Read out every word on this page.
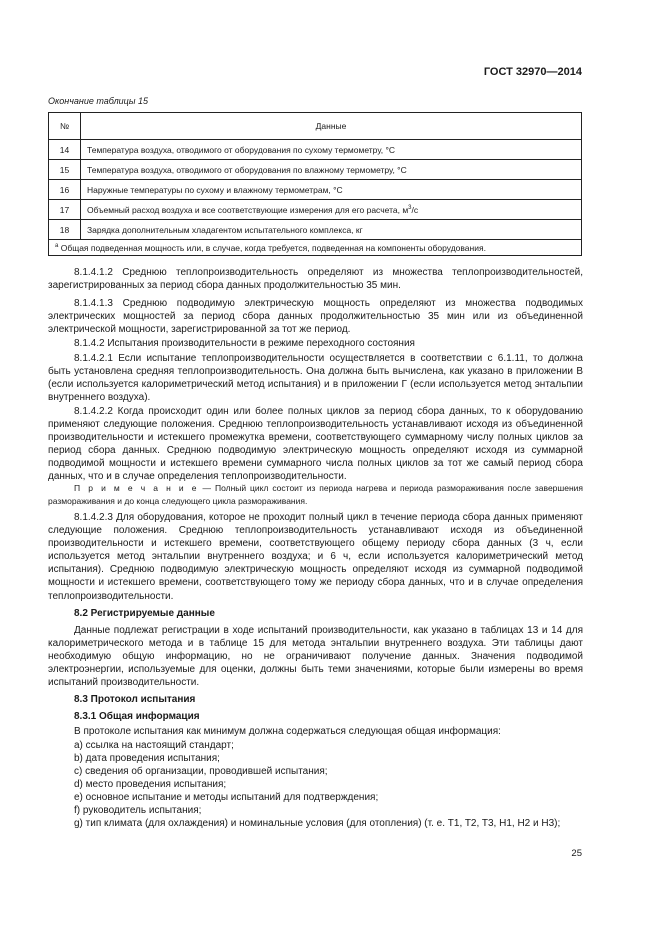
ГОСТ 32970—2014
Окончание таблицы 15
№	Данные
14	Температура воздуха, отводимого от оборудования по сухому термометру, °С
15	Температура воздуха, отводимого от оборудования по влажному термометру, °С
16	Наружные температуры по сухому и влажному термометрам, °С
17	Объемный расход воздуха и все соответствующие измерения для его расчета, $м^3/с$
18	Зарядка дополнительным хладагентом испытательного комплекса, кг
$^а$ Общая подведенная мощность или, в случае, когда требуется, подведенная на компоненты оборудования.	

8.1.4.1.2 Среднюю теплопроизводительность определяют из множества теплопроизводительностей, зарегистрированных за период сбора данных продолжительностью 35 мин.

8.1.4.1.3 Среднюю подводимую электрическую мощность определяют из множества подводимых электрических мощностей за период сбора данных продолжительностью 35 мин или из объединенной электрической мощности, зарегистрированной за тот же период.

8.1.4.2 Испытания производительности в режиме переходного состояния

8.1.4.2.1 Если испытание теплопроизводительности осуществляется в соответствии с 6.1.11, то должна быть установлена средняя теплопроизводительность. Она должна быть вычислена, как указано в приложении В (если используется калориметрический метод испытания) и в приложении Г (если используется метод энтальпии внутреннего воздуха).

8.1.4.2.2 Когда происходит один или более полных циклов за период сбора данных, то к оборудованию применяют следующие положения. Среднюю теплопроизводительность устанавливают исходя из объединенной производительности и истекшего промежутка времени, соответствующего суммарному числу полных циклов за период сбора данных. Среднюю подводимую электрическую мощность определяют исходя из суммарной подводимой мощности и истекшего времени суммарного числа полных циклов за тот же самый период сбора данных, что и в случае определения теплопроизводительности.

П р и м е ч а н и е — Полный цикл состоит из периода нагрева и периода размораживания после завершения размораживания и до конца следующего цикла размораживания.

8.1.4.2.3 Для оборудования, которое не проходит полный цикл в течение периода сбора данных применяют следующие положения. Среднюю теплопроизводительность устанавливают исходя из объединенной производительности и истекшего времени, соответствующего общему периоду сбора данных (3 ч, если используется метод энтальпии внутреннего воздуха; и 6 ч, если используется калориметрический метод испытания). Среднюю подводимую электрическую мощность определяют исходя из суммарной подводимой мощности и истекшего времени, соответствующего тому же периоду сбора данных, что и в случае определения теплопроизводительности.

8.2 Регистрируемые данные

Данные подлежат регистрации в ходе испытаний производительности, как указано в таблицах 13 и 14 для калориметрического метода и в таблице 15 для метода энтальпии внутреннего воздуха. Эти таблицы дают необходимую общую информацию, но не ограничивают получение данных. Значения подводимой электроэнергии, используемые для оценки, должны быть теми значениями, которые были измерены во время испытаний производительности.

8.3 Протокол испытания

8.3.1 Общая информация

В протоколе испытания как минимум должна содержаться следующая общая информация:

a) ссылка на настоящий стандарт;

b) дата проведения испытания;

c) сведения об организации, проводившей испытания;

d) место проведения испытания;

e) основное испытание и методы испытаний для подтверждения;

f) руководитель испытания;

g) тип климата (для охлаждения) и номинальные условия (для отопления) (т. е. T1, T2, T3, H1, H2 и H3);

25
